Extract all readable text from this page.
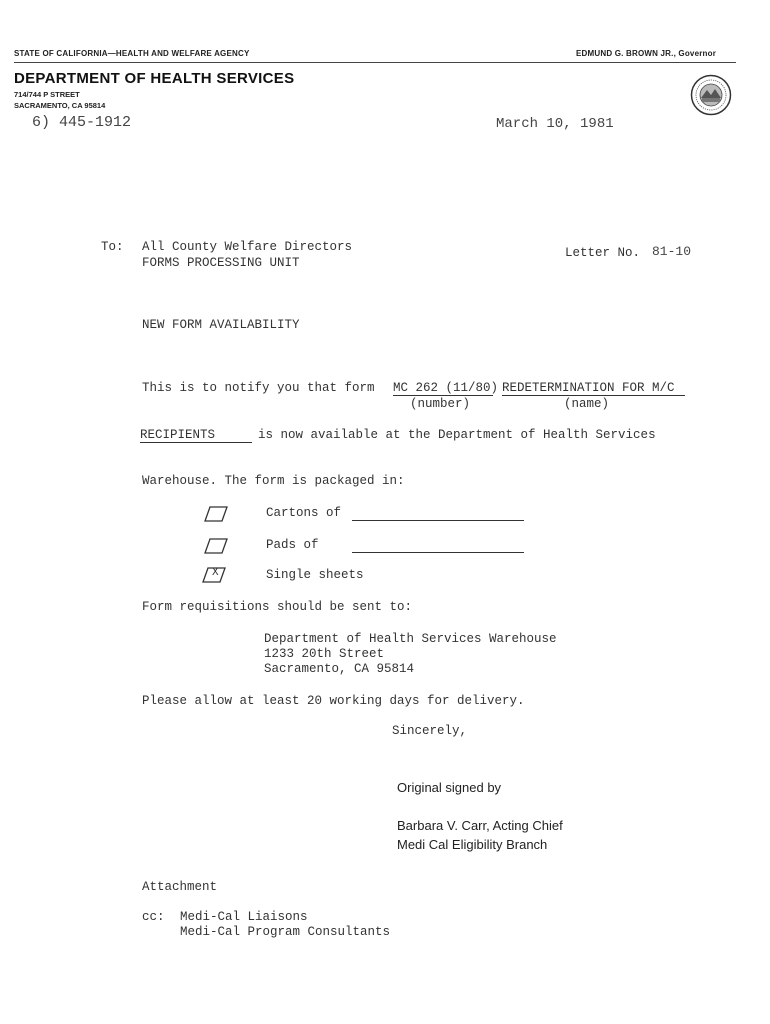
STATE OF CALIFORNIA—HEALTH AND WELFARE AGENCY	EDMUND G. BROWN JR., Governor
DEPARTMENT OF HEALTH SERVICES
714/744 P STREET
SACRAMENTO, CA 95814
6) 445-1912	March 10, 1981
To: All County Welfare Directors
FORMS PROCESSING UNIT
Letter No. 81-10
NEW FORM AVAILABILITY
This is to notify you that form MC 262 (11/80) REDETERMINATION FOR M/C
(number)	(name)
RECIPIENTS	is now available at the Department of Health Services
Warehouse. The form is packaged in:
Cartons of
Pads of
X	Single sheets
Form requisitions should be sent to:
Department of Health Services Warehouse
1233 20th Street
Sacramento, CA 95814
Please allow at least 20 working days for delivery.
Sincerely,
Original signed by
Barbara V. Carr, Acting Chief
Medi Cal Eligibility Branch
Attachment
cc: Medi-Cal Liaisons
Medi-Cal Program Consultants
